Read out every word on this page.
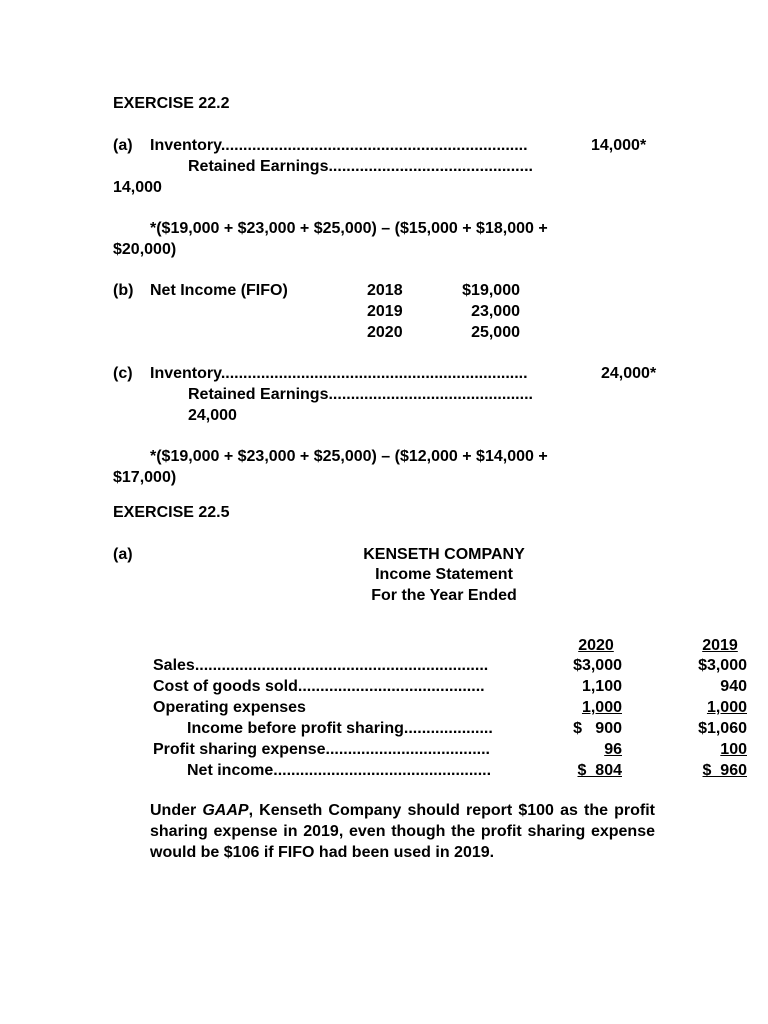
EXERCISE 22.2
(a) Inventory.....................................................................	14,000*
Retained Earnings..............................................
14,000
*($19,000 + $23,000 + $25,000) – ($15,000 + $18,000 +
$20,000)
(b) Net Income (FIFO)	2018	$19,000
2019	23,000
2020	25,000
(c) Inventory.....................................................................	24,000*
Retained Earnings..............................................
24,000
*($19,000 + $23,000 + $25,000) – ($12,000 + $14,000 +
$17,000)
EXERCISE 22.5
(a)	KENSETH COMPANY
Income Statement
For the Year Ended
2020	2019
Sales..................................................................	$3,000	$3,000
Cost of goods sold..........................................	1,100	940
Operating expenses	1,000	1,000
Income before profit sharing....................	$   900	$1,060
Profit sharing expense.....................................	96	100
Net income.................................................	$  804	$  960
Under GAAP, Kenseth Company should report $100 as the profit sharing expense in 2019, even though the profit sharing expense would be $106 if FIFO had been used in 2019.
